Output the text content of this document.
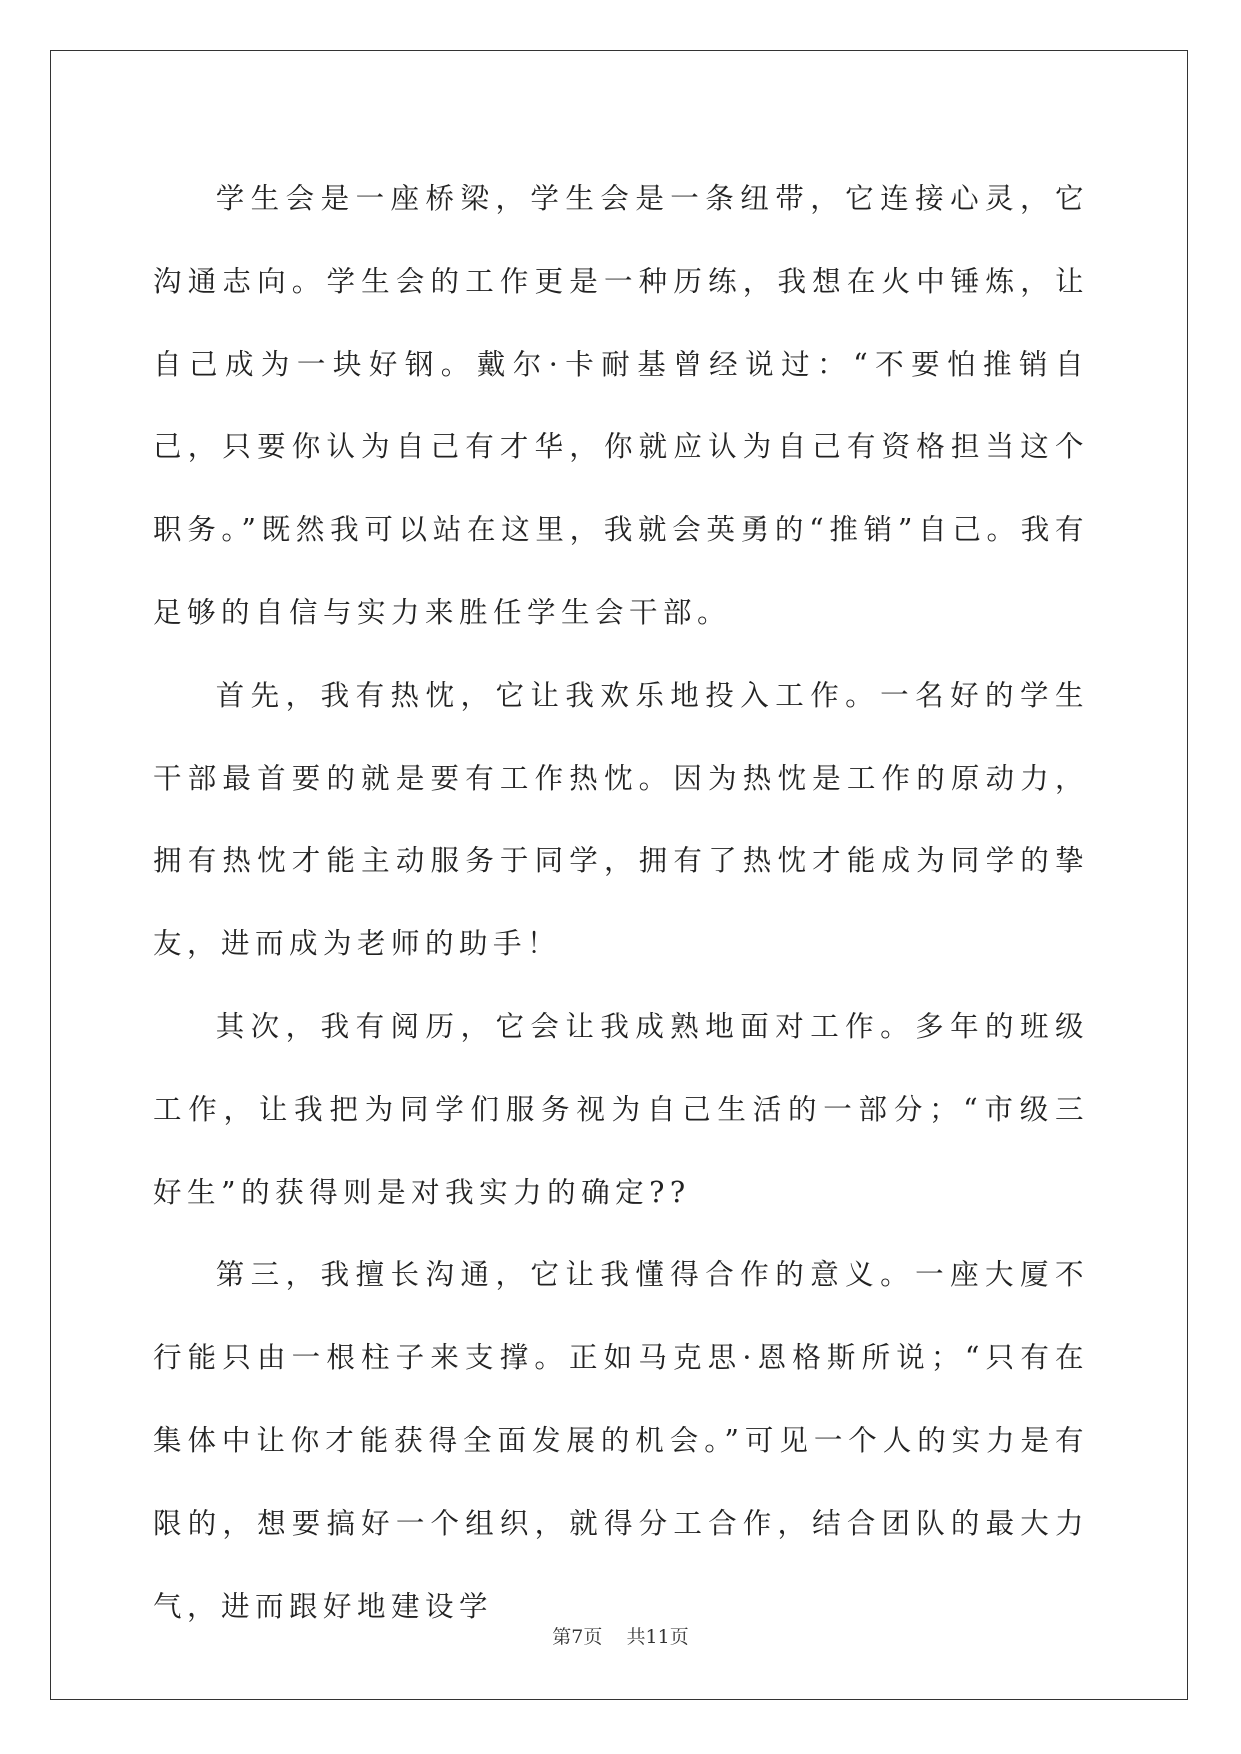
学生会是一座桥梁，学生会是一条纽带，它连接心灵，它沟通志向。学生会的工作更是一种历练，我想在火中锤炼，让自己成为一块好钢。戴尔·卡耐基曾经说过：“不要怕推销自己，只要你认为自己有才华，你就应认为自己有资格担当这个职务。”既然我可以站在这里，我就会英勇的“推销”自己。我有足够的自信与实力来胜任学生会干部。

首先，我有热忱，它让我欢乐地投入工作。一名好的学生干部最首要的就是要有工作热忱。因为热忱是工作的原动力，拥有热忱才能主动服务于同学，拥有了热忱才能成为同学的挚友，进而成为老师的助手！

其次，我有阅历，它会让我成熟地面对工作。多年的班级工作，让我把为同学们服务视为自己生活的一部分；“市级三好生”的获得则是对我实力的确定??

第三，我擅长沟通，它让我懂得合作的意义。一座大厦不行能只由一根柱子来支撑。正如马克思·恩格斯所说；“只有在集体中让你才能获得全面发展的机会。”可见一个人的实力是有限的，想要搞好一个组织，就得分工合作，结合团队的最大力气，进而跟好地建设学

第7页 共11页
